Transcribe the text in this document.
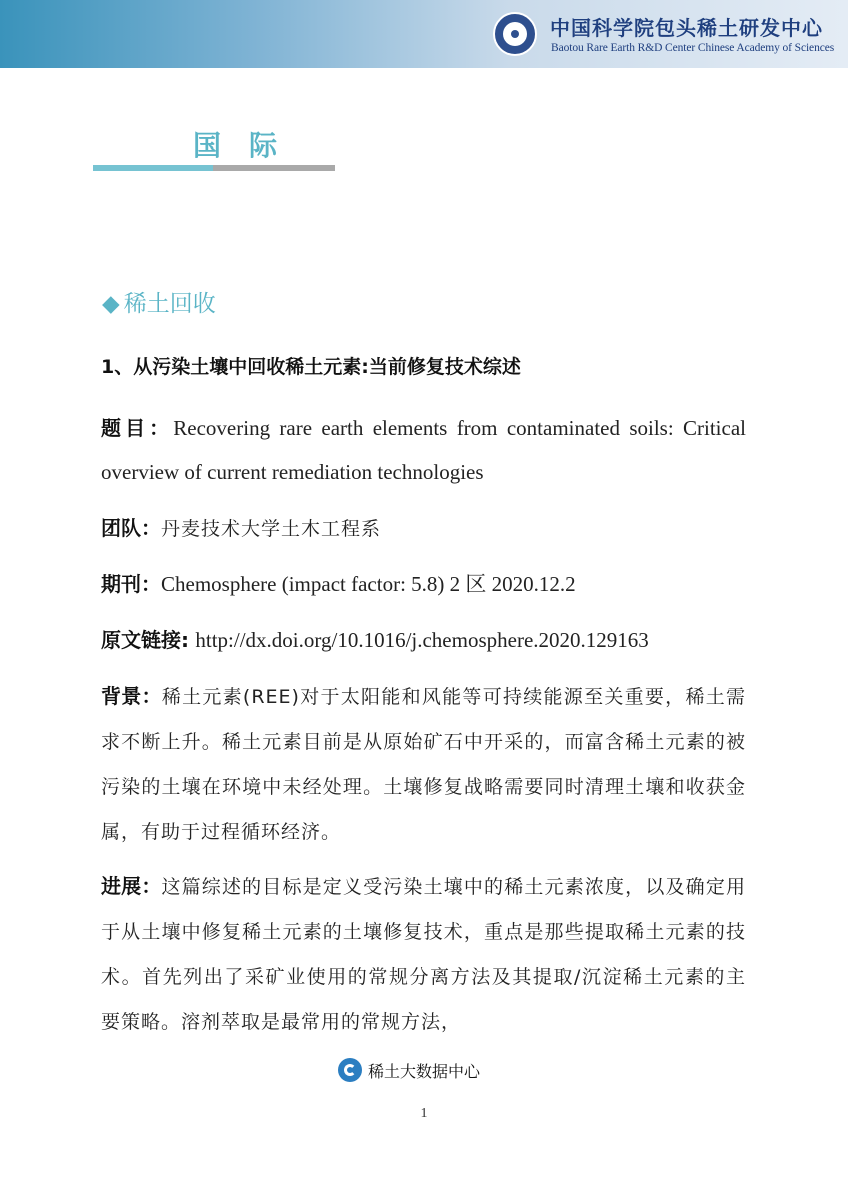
中国科学院包头稀土研发中心
Baotou Rare Earth R&D Center Chinese Academy of Sciences
国际
◆ 稀土回收
1、从污染土壤中回收稀土元素:当前修复技术综述
题目：Recovering rare earth elements from contaminated soils: Critical overview of current remediation technologies
团队：丹麦技术大学土木工程系
期刊：Chemosphere (impact factor: 5.8) 2 区 2020.12.2
原文链接: http://dx.doi.org/10.1016/j.chemosphere.2020.129163
背景：稀土元素(REE)对于太阳能和风能等可持续能源至关重要，稀土需求不断上升。稀土元素目前是从原始矿石中开采的，而富含稀土元素的被污染的土壤在环境中未经处理。土壤修复战略需要同时清理土壤和收获金属，有助于过程循环经济。
进展：这篇综述的目标是定义受污染土壤中的稀土元素浓度，以及确定用于从土壤中修复稀土元素的土壤修复技术，重点是那些提取稀土元素的技术。首先列出了采矿业使用的常规分离方法及其提取/沉淀稀土元素的主要策略。溶剂萃取是最常用的常规方法，
稀土大数据中心
1
